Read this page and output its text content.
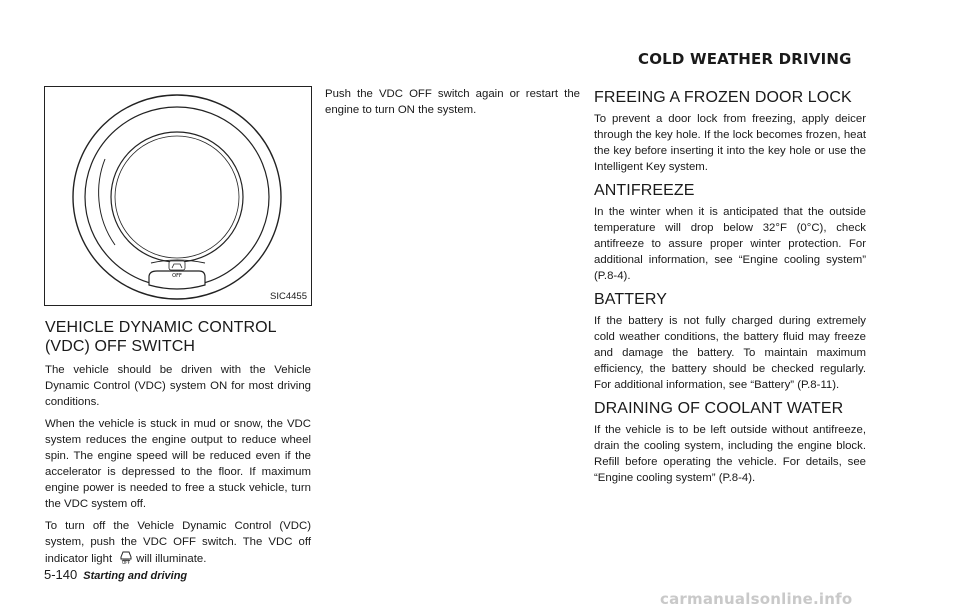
OFF
SIC4455
VEHICLE DYNAMIC CONTROL (VDC) OFF SWITCH

The vehicle should be driven with the Vehicle Dynamic Control (VDC) system ON for most driving conditions.

When the vehicle is stuck in mud or snow, the VDC system reduces the engine output to reduce wheel spin. The engine speed will be reduced even if the accelerator is depressed to the floor. If maximum engine power is needed to free a stuck vehicle, turn the VDC system off.

To turn off the Vehicle Dynamic Control (VDC) system, push the VDC OFF switch. The VDC off indicator light	OFF will illuminate.

Push the VDC OFF switch again or restart the engine to turn ON the system.

COLD WEATHER DRIVING
FREEING A FROZEN DOOR LOCK

To prevent a door lock from freezing, apply deicer through the key hole. If the lock becomes frozen, heat the key before inserting it into the key hole or use the Intelligent Key system.

ANTIFREEZE

In the winter when it is anticipated that the outside temperature will drop below 32°F (0°C), check antifreeze to assure proper winter protection. For additional information, see “Engine cooling system” (P.8-4).

BATTERY

If the battery is not fully charged during extremely cold weather conditions, the battery fluid may freeze and damage the battery. To maintain maximum efficiency, the battery should be checked regularly. For additional information, see “Battery” (P.8-11).

DRAINING OF COOLANT WATER

If the vehicle is to be left outside without antifreeze, drain the cooling system, including the engine block. Refill before operating the vehicle. For details, see “Engine cooling system” (P.8-4).

5-140 Starting and driving
carmanualsonline.info
